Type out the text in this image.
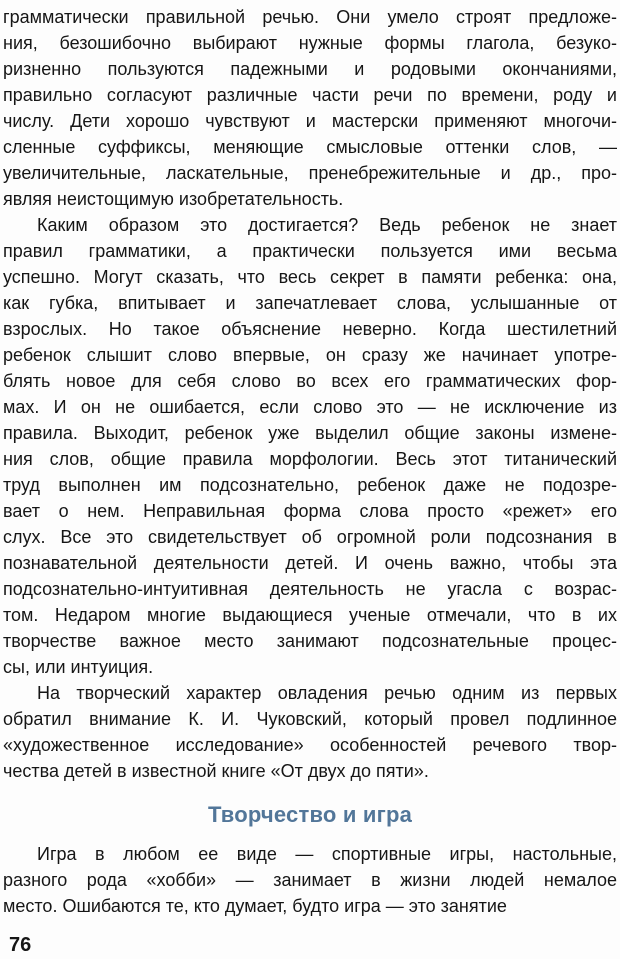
грамматически правильной речью. Они умело строят предложе-
ния, безошибочно выбирают нужные формы глагола, безуко-
ризненно пользуются падежными и родовыми окончаниями,
правильно согласуют различные части речи по времени, роду и
числу. Дети хорошо чувствуют и мастерски применяют многочи-
сленные суффиксы, меняющие смысловые оттенки слов, —
увеличительные, ласкательные, пренебрежительные и др., про-
являя неистощимую изобретательность.

Каким образом это достигается? Ведь ребенок не знает
правил грамматики, а практически пользуется ими весьма
успешно. Могут сказать, что весь секрет в памяти ребенка: она,
как губка, впитывает и запечатлевает слова, услышанные от
взрослых. Но такое объяснение неверно. Когда шестилетний
ребенок слышит слово впервые, он сразу же начинает употре-
блять новое для себя слово во всех его грамматических фор-
мах. И он не ошибается, если слово это — не исключение из
правила. Выходит, ребенок уже выделил общие законы измене-
ния слов, общие правила морфологии. Весь этот титанический
труд выполнен им подсознательно, ребенок даже не подозре-
вает о нем. Неправильная форма слова просто «режет» его
слух. Все это свидетельствует об огромной роли подсознания в
познавательной деятельности детей. И очень важно, чтобы эта
подсознательно-интуитивная деятельность не угасла с возрас-
том. Недаром многие выдающиеся ученые отмечали, что в их
творчестве важное место занимают подсознательные процес-
сы, или интуиция.

На творческий характер овладения речью одним из первых
обратил внимание К. И. Чуковский, который провел подлинное
«художественное исследование» особенностей речевого твор-
чества детей в известной книге «От двух до пяти».

Творчество и игра

Игра в любом ее виде — спортивные игры, настольные,
разного рода «хобби» — занимает в жизни людей немалое
место. Ошибаются те, кто думает, будто игра — это занятие

76
